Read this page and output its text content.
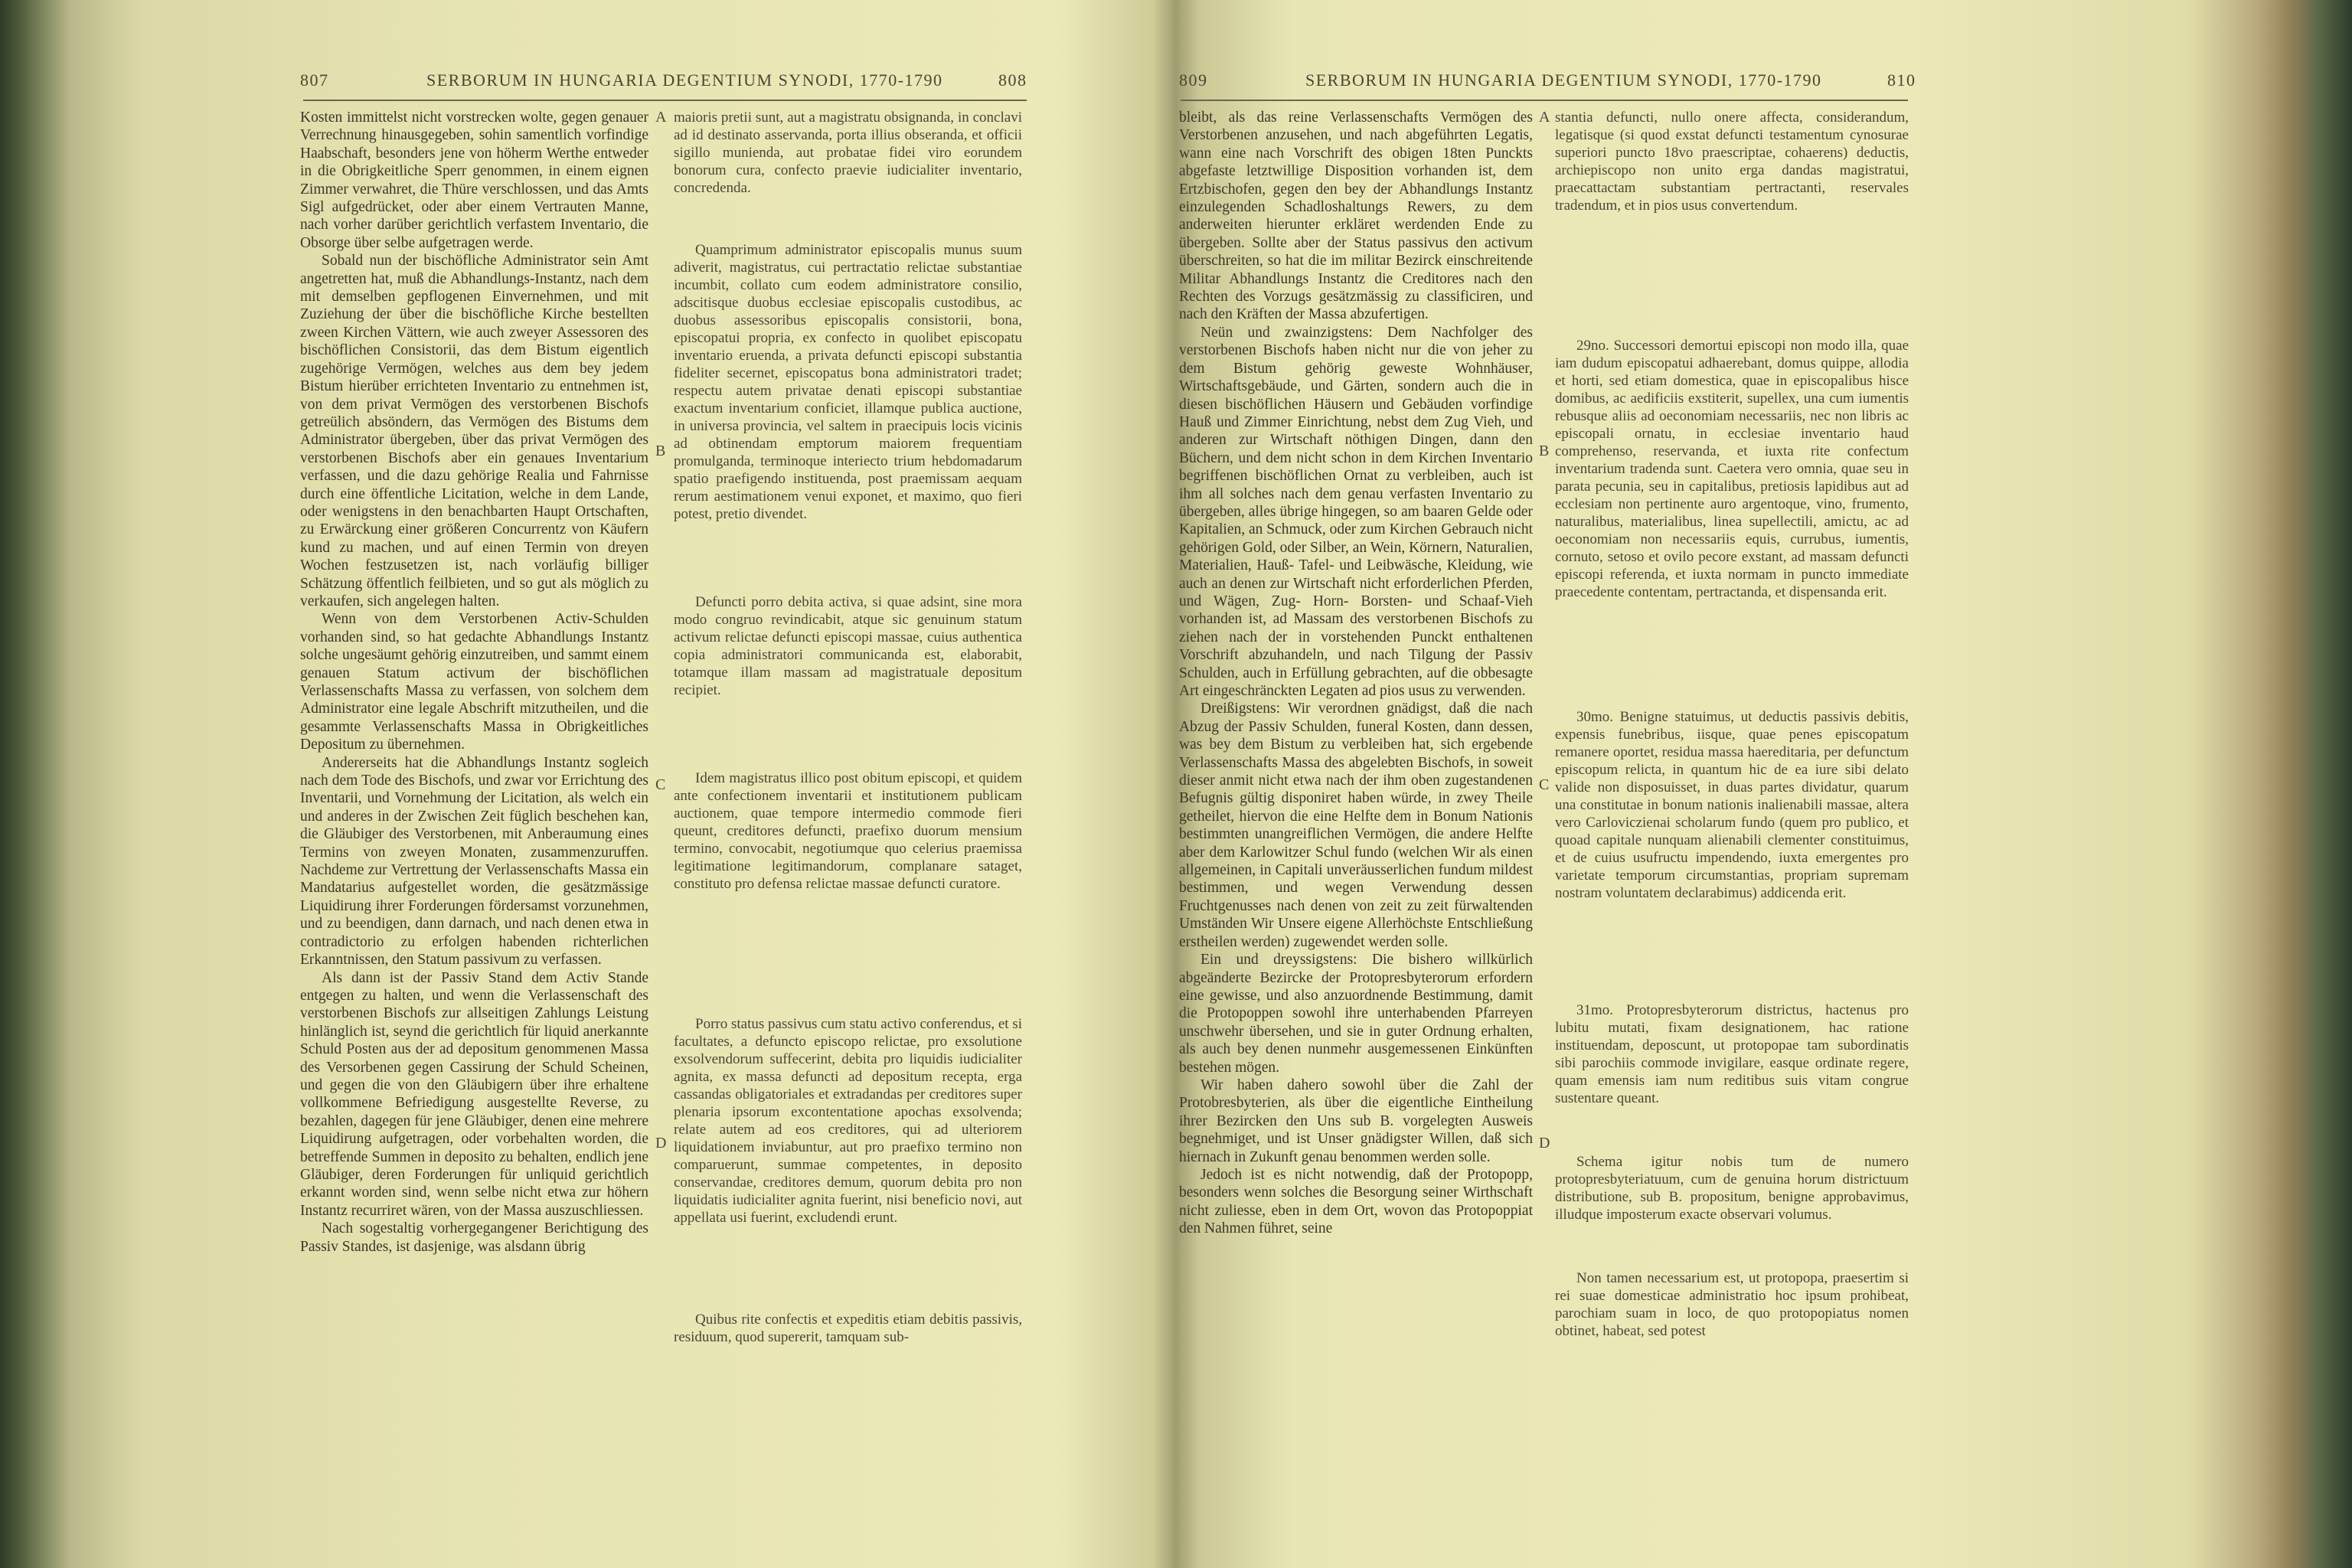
807	SERBORUM IN HUNGARIA DEGENTIUM SYNODI, 1770-1790	808

Kosten immittelst nicht vorstrecken wolte, gegen genauer Verrechnung hinausgegeben, sohin samentlich vorfindige Haabschaft, besonders jene von höherm Werthe entweder in die Obrigkeitliche Sperr genommen, in einem eignen Zimmer verwahret, die Thüre verschlossen, und das Amts Sigl aufgedrücket, oder aber einem Vertrauten Manne, nach vorher darüber gerichtlich verfastem Inventario, die Obsorge über selbe aufgetragen werde.

Sobald nun der bischöfliche Administrator sein Amt angetretten hat, muß die Abhandlungs-Instantz, nach dem mit demselben gepflogenen Einvernehmen, und mit Zuziehung der über die bischöfliche Kirche bestellten zween Kirchen Vättern, wie auch zweyer Assessoren des bischöflichen Consistorii, das dem Bistum eigentlich zugehörige Vermögen, welches aus dem bey jedem Bistum hierüber errichteten Inventario zu entnehmen ist, von dem privat Vermögen des verstorbenen Bischofs getreülich absöndern, das Vermögen des Bistums dem Administrator übergeben, über das privat Vermögen des verstorbenen Bischofs aber ein genaues Inventarium verfassen, und die dazu gehörige Realia und Fahrnisse durch eine öffentliche Licitation, welche in dem Lande, oder wenigstens in den benachbarten Haupt Ortschaften, zu Erwärckung einer größeren Concurrentz von Käufern kund zu machen, und auf einen Termin von dreyen Wochen festzusetzen ist, nach vorläufig billiger Schätzung öffentlich feilbieten, und so gut als möglich zu verkaufen, sich angelegen halten.

Wenn von dem Verstorbenen Activ-Schulden vorhanden sind, so hat gedachte Abhandlungs Instantz solche ungesäumt gehörig einzutreiben, und sammt einem genauen Statum activum der bischöflichen Verlassenschafts Massa zu verfassen, von solchem dem Administrator eine legale Abschrift mitzutheilen, und die gesammte Verlassenschafts Massa in Obrigkeitliches Depositum zu übernehmen.

Andererseits hat die Abhandlungs Instantz sogleich nach dem Tode des Bischofs, und zwar vor Errichtung des Inventarii, und Vornehmung der Licitation, als welch ein und anderes in der Zwischen Zeit füglich beschehen kan, die Gläubiger des Verstorbenen, mit Anberaumung eines Termins von zweyen Monaten, zusammenzuruffen. Nachdeme zur Vertrettung der Verlassenschafts Massa ein Mandatarius aufgestellet worden, die gesätzmässige Liquidirung ihrer Forderungen fördersamst vorzunehmen, und zu beendigen, dann darnach, und nach denen etwa in contradictorio zu erfolgen habenden richterlichen Erkanntnissen, den Statum passivum zu verfassen.

Als dann ist der Passiv Stand dem Activ Stande entgegen zu halten, und wenn die Verlassenschaft des verstorbenen Bischofs zur allseitigen Zahlungs Leistung hinlänglich ist, seynd die gerichtlich für liquid anerkannte Schuld Posten aus der ad depositum genommenen Massa des Versorbenen gegen Cassirung der Schuld Scheinen, und gegen die von den Gläubigern über ihre erhaltene vollkommene Befriedigung ausgestellte Reverse, zu bezahlen, dagegen für jene Gläubiger, denen eine mehrere Liquidirung aufgetragen, oder vorbehalten worden, die betreffende Summen in deposito zu behalten, endlich jene Gläubiger, deren Forderungen für unliquid gerichtlich erkannt worden sind, wenn selbe nicht etwa zur höhern Instantz recurriret wären, von der Massa auszuschliessen.

Nach sogestaltig vorhergegangener Berichtigung des Passiv Standes, ist dasjenige, was alsdann übrig

maioris pretii sunt, aut a magistratu obsignanda, in conclavi ad id destinato asservanda, porta illius obseranda, et officii sigillo munienda, aut probatae fidei viro eorundem bonorum cura, confecto praevie iudicialiter inventario, concredenda.

Quamprimum administrator episcopalis munus suum adiverit, magistratus, cui pertractatio relictae substantiae incumbit, collato cum eodem administratore consilio, adscitisque duobus ecclesiae episcopalis custodibus, ac duobus assessoribus episcopalis consistorii, bona, episcopatui propria, ex confecto in quolibet episcopatu inventario eruenda, a privata defuncti episcopi substantia fideliter secernet, episcopatus bona administratori tradet; respectu autem privatae denati episcopi substantiae exactum inventarium conficiet, illamque publica auctione, in universa provincia, vel saltem in praecipuis locis vicinis ad obtinendam emptorum maiorem frequentiam promulganda, terminoque interiecto trium hebdomadarum spatio praefigendo instituenda, post praemissam aequam rerum aestimationem venui exponet, et maximo, quo fieri potest, pretio divendet.

Defuncti porro debita activa, si quae adsint, sine mora modo congruo revindicabit, atque sic genuinum statum activum relictae defuncti episcopi massae, cuius authentica copia administratori communicanda est, elaborabit, totamque illam massam ad magistratuale depositum recipiet.

Idem magistratus illico post obitum episcopi, et quidem ante confectionem inventarii et institutionem publicam auctionem, quae tempore intermedio commode fieri queunt, creditores defuncti, praefixo duorum mensium termino, convocabit, negotiumque quo celerius praemissa legitimatione legitimandorum, complanare sataget, constituto pro defensa relictae massae defuncti curatore.

Porro status passivus cum statu activo conferendus, et si facultates, a defuncto episcopo relictae, pro exsolutione exsolvendorum suffecerint, debita pro liquidis iudicialiter agnita, ex massa defuncti ad depositum recepta, erga cassandas obligatoriales et extradandas per creditores super plenaria ipsorum excontentatione apochas exsolvenda; relate autem ad eos creditores, qui ad ulteriorem liquidationem inviabuntur, aut pro praefixo termino non comparuerunt, summae competentes, in deposito conservandae, creditores demum, quorum debita pro non liquidatis iudicialiter agnita fuerint, nisi beneficio novi, aut appellata usi fuerint, excludendi erunt.

Quibus rite confectis et expeditis etiam debitis passivis, residuum, quod supererit, tamquam sub-

A
B
C
D
809	SERBORUM IN HUNGARIA DEGENTIUM SYNODI, 1770-1790	810

bleibt, als das reine Verlassenschafts Vermögen des Verstorbenen anzusehen, und nach abgeführten Legatis, wann eine nach Vorschrift des obigen 18ten Punckts abgefaste letztwillige Disposition vorhanden ist, dem Ertzbischofen, gegen den bey der Abhandlungs Instantz einzulegenden Schadloshaltungs Rewers, zu dem anderweiten hierunter erkläret werdenden Ende zu übergeben. Sollte aber der Status passivus den activum überschreiten, so hat die im militar Bezirck einschreitende Militar Abhandlungs Instantz die Creditores nach den Rechten des Vorzugs gesätzmässig zu classificiren, und nach den Kräften der Massa abzufertigen.

Neün und zwainzigstens: Dem Nachfolger des verstorbenen Bischofs haben nicht nur die von jeher zu dem Bistum gehörig geweste Wohnhäuser, Wirtschaftsgebäude, und Gärten, sondern auch die in diesen bischöflichen Häusern und Gebäuden vorfindige Hauß und Zimmer Einrichtung, nebst dem Zug Vieh, und anderen zur Wirtschaft nöthigen Dingen, dann den Büchern, und dem nicht schon in dem Kirchen Inventario begriffenen bischöflichen Ornat zu verbleiben, auch ist ihm all solches nach dem genau verfasten Inventario zu übergeben, alles übrige hingegen, so am baaren Gelde oder Kapitalien, an Schmuck, oder zum Kirchen Gebrauch nicht gehörigen Gold, oder Silber, an Wein, Körnern, Naturalien, Materialien, Hauß- Tafel- und Leibwäsche, Kleidung, wie auch an denen zur Wirtschaft nicht erforderlichen Pferden, und Wägen, Zug- Horn- Borsten- und Schaaf-Vieh vorhanden ist, ad Massam des verstorbenen Bischofs zu ziehen nach der in vorstehenden Punckt enthaltenen Vorschrift abzuhandeln, und nach Tilgung der Passiv Schulden, auch in Erfüllung gebrachten, auf die obbesagte Art eingeschränckten Legaten ad pios usus zu verwenden.

Dreißigstens: Wir verordnen gnädigst, daß die nach Abzug der Passiv Schulden, funeral Kosten, dann dessen, was bey dem Bistum zu verbleiben hat, sich ergebende Verlassenschafts Massa des abgelebten Bischofs, in soweit dieser anmit nicht etwa nach der ihm oben zugestandenen Befugnis gültig disponiret haben würde, in zwey Theile getheilet, hiervon die eine Helfte dem in Bonum Nationis bestimmten unangreiflichen Vermögen, die andere Helfte aber dem Karlowitzer Schul fundo (welchen Wir als einen allgemeinen, in Capitali unveräusserlichen fundum mildest bestimmen, und wegen Verwendung dessen Fruchtgenusses nach denen von zeit zu zeit fürwaltenden Umständen Wir Unsere eigene Allerhöchste Entschließung erstheilen werden) zugewendet werden solle.

Ein und dreyssigstens: Die bishero willkürlich abgeänderte Bezircke der Protopresbyterorum erfordern eine gewisse, und also anzuordnende Bestimmung, damit die Protopoppen sowohl ihre unterhabenden Pfarreyen unschwehr übersehen, und sie in guter Ordnung erhalten, als auch bey denen nunmehr ausgemessenen Einkünften bestehen mögen.

Wir haben dahero sowohl über die Zahl der Protobresbyterien, als über die eigentliche Eintheilung ihrer Bezircken den Uns sub B. vorgelegten Ausweis begnehmiget, und ist Unser gnädigster Willen, daß sich hiernach in Zukunft genau benommen werden solle.

Jedoch ist es nicht notwendig, daß der Protopopp, besonders wenn solches die Besorgung seiner Wirthschaft nicht zuliesse, eben in dem Ort, wovon das Protopoppiat den Nahmen führet, seine

stantia defuncti, nullo onere affecta, considerandum, legatisque (si quod exstat defuncti testamentum cynosurae superiori puncto 18vo praescriptae, cohaerens) deductis, archiepiscopo non unito erga dandas magistratui, praecattactam substantiam pertractanti, reservales tradendum, et in pios usus convertendum.

29no. Successori demortui episcopi non modo illa, quae iam dudum episcopatui adhaerebant, domus quippe, allodia et horti, sed etiam domestica, quae in episcopalibus hisce domibus, ac aedificiis exstiterit, supellex, una cum iumentis rebusque aliis ad oeconomiam necessariis, nec non libris ac episcopali ornatu, in ecclesiae inventario haud comprehenso, reservanda, et iuxta rite confectum inventarium tradenda sunt. Caetera vero omnia, quae seu in parata pecunia, seu in capitalibus, pretiosis lapidibus aut ad ecclesiam non pertinente auro argentoque, vino, frumento, naturalibus, materialibus, linea supellectili, amictu, ac ad oeconomiam non necessariis equis, currubus, iumentis, cornuto, setoso et ovilo pecore exstant, ad massam defuncti episcopi referenda, et iuxta normam in puncto immediate praecedente contentam, pertractanda, et dispensanda erit.

30mo. Benigne statuimus, ut deductis passivis debitis, expensis funebribus, iisque, quae penes episcopatum remanere oportet, residua massa haereditaria, per defunctum episcopum relicta, in quantum hic de ea iure sibi delato valide non disposuisset, in duas partes dividatur, quarum una constitutae in bonum nationis inalienabili massae, altera vero Carloviczienai scholarum fundo (quem pro publico, et quoad capitale nunquam alienabili clementer constituimus, et de cuius usufructu impendendo, iuxta emergentes pro varietate temporum circumstantias, propriam supremam nostram voluntatem declarabimus) addicenda erit.

31mo. Protopresbyterorum districtus, hactenus pro lubitu mutati, fixam designationem, hac ratione instituendam, deposcunt, ut protopopae tam subordinatis sibi parochiis commode invigilare, easque ordinate regere, quam emensis iam num reditibus suis vitam congrue sustentare queant.

Schema igitur nobis tum de numero protopresbyteriatuum, cum de genuina horum districtuum distributione, sub B. propositum, benigne approbavimus, illudque imposterum exacte observari volumus.

Non tamen necessarium est, ut protopopa, praesertim si rei suae domesticae administratio hoc ipsum prohibeat, parochiam suam in loco, de quo protopopiatus nomen obtinet, habeat, sed potest

A
B
C
D
